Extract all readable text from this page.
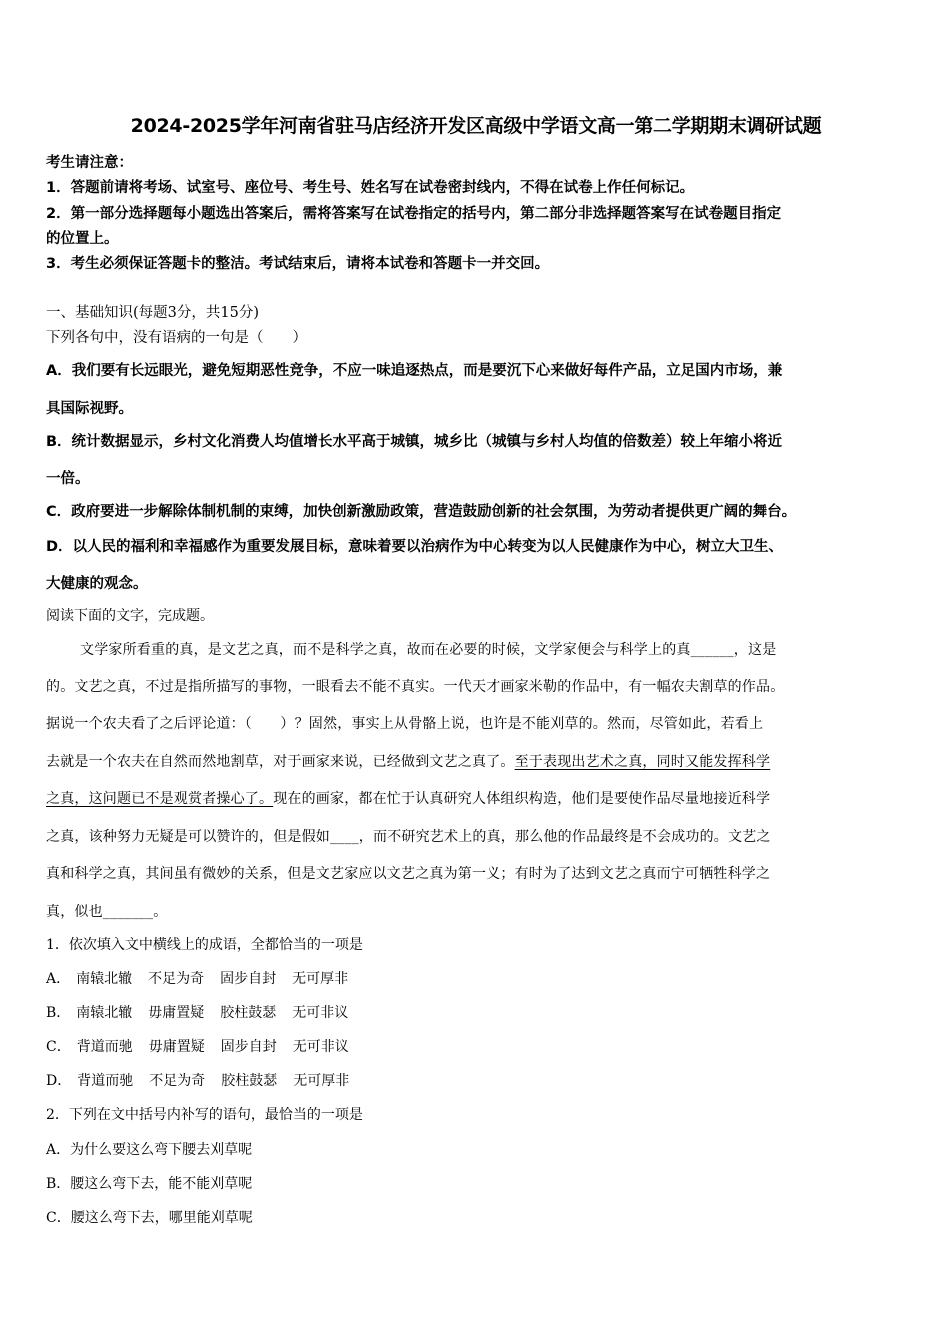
2024-2025学年河南省驻马店经济开发区高级中学语文高一第二学期期末调研试题
考生请注意：
1．答题前请将考场、试室号、座位号、考生号、姓名写在试卷密封线内，不得在试卷上作任何标记。
2．第一部分选择题每小题选出答案后，需将答案写在试卷指定的括号内，第二部分非选择题答案写在试卷题目指定
的位置上。
3．考生必须保证答题卡的整洁。考试结束后，请将本试卷和答题卡一并交回。
一、基础知识(每题3分，共15分)
下列各句中，没有语病的一句是（　　）
A．我们要有长远眼光，避免短期恶性竞争，不应一味追逐热点，而是要沉下心来做好每件产品，立足国内市场，兼
具国际视野。
B．统计数据显示，乡村文化消费人均值增长水平高于城镇，城乡比（城镇与乡村人均值的倍数差）较上年缩小将近
一倍。
C．政府要进一步解除体制机制的束缚，加快创新激励政策，营造鼓励创新的社会氛围，为劳动者提供更广阔的舞台。
D．以人民的福利和幸福感作为重要发展目标，意味着要以治病作为中心转变为以人民健康作为中心，树立大卫生、
大健康的观念。
阅读下面的文字，完成题。
文学家所看重的真，是文艺之真，而不是科学之真，故而在必要的时候，文学家便会与科学上的真______，这是
的。文艺之真，不过是指所描写的事物，一眼看去不能不真实。一代天才画家米勒的作品中，有一幅农夫割草的作品。
据说一个农夫看了之后评论道：（　　）？固然，事实上从骨骼上说，也许是不能刈草的。然而，尽管如此，若看上
去就是一个农夫在自然而然地割草，对于画家来说，已经做到文艺之真了。至于表现出艺术之真，同时又能发挥科学
之真，这问题已不是观赏者操心了。现在的画家，都在忙于认真研究人体组织构造，他们是要使作品尽量地接近科学
之真，该种努力无疑是可以赞许的，但是假如____，而不研究艺术上的真，那么他的作品最终是不会成功的。文艺之
真和科学之真，其间虽有微妙的关系，但是文艺家应以文艺之真为第一义；有时为了达到文艺之真而宁可牺牲科学之
真，似也_______。
1．依次填入文中横线上的成语，全都恰当的一项是
A． 南辕北辙 不足为奇 固步自封 无可厚非
B． 南辕北辙 毋庸置疑 胶柱鼓瑟 无可非议
C． 背道而驰 毋庸置疑 固步自封 无可非议
D． 背道而驰 不足为奇 胶柱鼓瑟 无可厚非
2．下列在文中括号内补写的语句，最恰当的一项是
A．为什么要这么弯下腰去刈草呢
B．腰这么弯下去，能不能刈草呢
C．腰这么弯下去，哪里能刈草呢
